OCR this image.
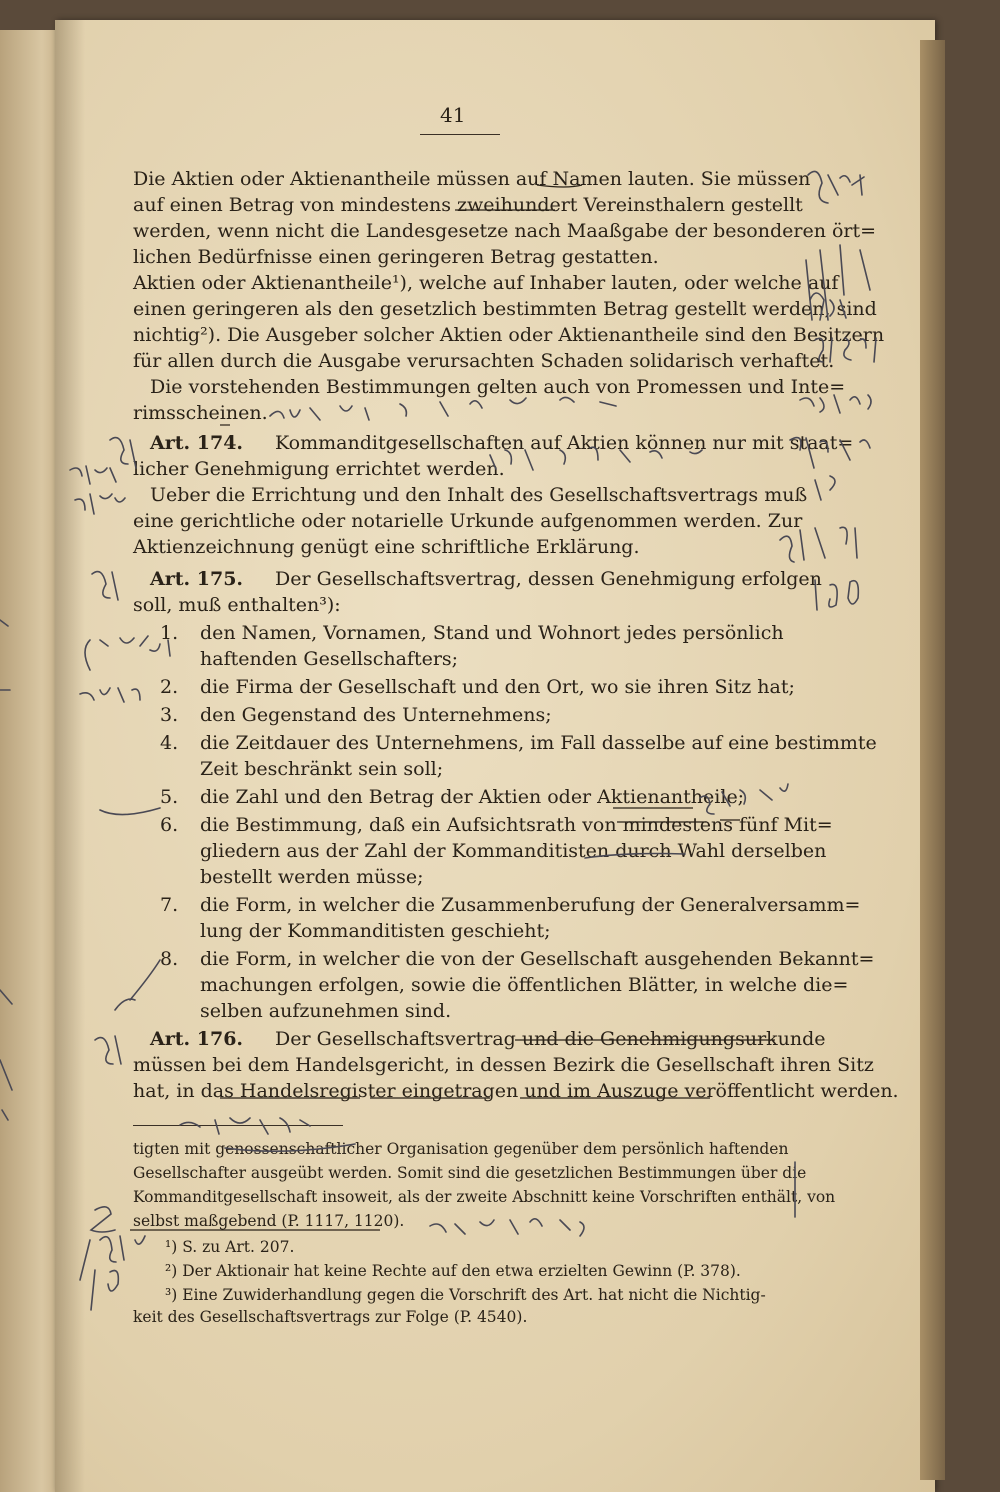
41
Die Aktien oder Aktienantheile müssen auf Namen lauten. Sie müssen
auf einen Betrag von mindestens zweihundert Vereinsthalern gestellt
werden, wenn nicht die Landesgesetze nach Maaßgabe der besonderen ört=
lichen Bedürfnisse einen geringeren Betrag gestatten.
Aktien oder Aktienantheile¹), welche auf Inhaber lauten, oder welche auf
einen geringeren als den gesetzlich bestimmten Betrag gestellt werden, sind
nichtig²). Die Ausgeber solcher Aktien oder Aktienantheile sind den Besitzern
für allen durch die Ausgabe verursachten Schaden solidarisch verhaftet.
Die vorstehenden Bestimmungen gelten auch von Promessen und Inte=
rimsscheinen.
Art. 174.	Kommanditgesellschaften auf Aktien können nur mit staat=
licher Genehmigung errichtet werden.
Ueber die Errichtung und den Inhalt des Gesellschaftsvertrags muß
eine gerichtliche oder notarielle Urkunde aufgenommen werden. Zur
Aktienzeichnung genügt eine schriftliche Erklärung.
Art. 175.	Der Gesellschaftsvertrag, dessen Genehmigung erfolgen
soll, muß enthalten³):
1. den Namen, Vornamen, Stand und Wohnort jedes persönlich
haftenden Gesellschafters;
2. die Firma der Gesellschaft und den Ort, wo sie ihren Sitz hat;
3. den Gegenstand des Unternehmens;
4. die Zeitdauer des Unternehmens, im Fall dasselbe auf eine bestimmte
Zeit beschränkt sein soll;
5. die Zahl und den Betrag der Aktien oder Aktienantheile;
6. die Bestimmung, daß ein Aufsichtsrath von mindestens fünf Mit=
gliedern aus der Zahl der Kommanditisten durch Wahl derselben
bestellt werden müsse;
7. die Form, in welcher die Zusammenberufung der Generalversamm=
lung der Kommanditisten geschieht;
8. die Form, in welcher die von der Gesellschaft ausgehenden Bekannt=
machungen erfolgen, sowie die öffentlichen Blätter, in welche die=
selben aufzunehmen sind.
Art. 176.	Der Gesellschaftsvertrag und die Genehmigungsurkunde
müssen bei dem Handelsgericht, in dessen Bezirk die Gesellschaft ihren Sitz
hat, in das Handelsregister eingetragen und im Auszuge veröffentlicht werden.
tigten mit genossenschaftlicher Organisation gegenüber dem persönlich haftenden
Gesellschafter ausgeübt werden. Somit sind die gesetzlichen Bestimmungen über die
Kommanditgesellschaft insoweit, als der zweite Abschnitt keine Vorschriften enthält, von
selbst maßgebend (P. 1117, 1120).
¹) S. zu Art. 207.
²) Der Aktionair hat keine Rechte auf den etwa erzielten Gewinn (P. 378).
³) Eine Zuwiderhandlung gegen die Vorschrift des Art. hat nicht die Nichtig-
keit des Gesellschaftsvertrags zur Folge (P. 4540).
